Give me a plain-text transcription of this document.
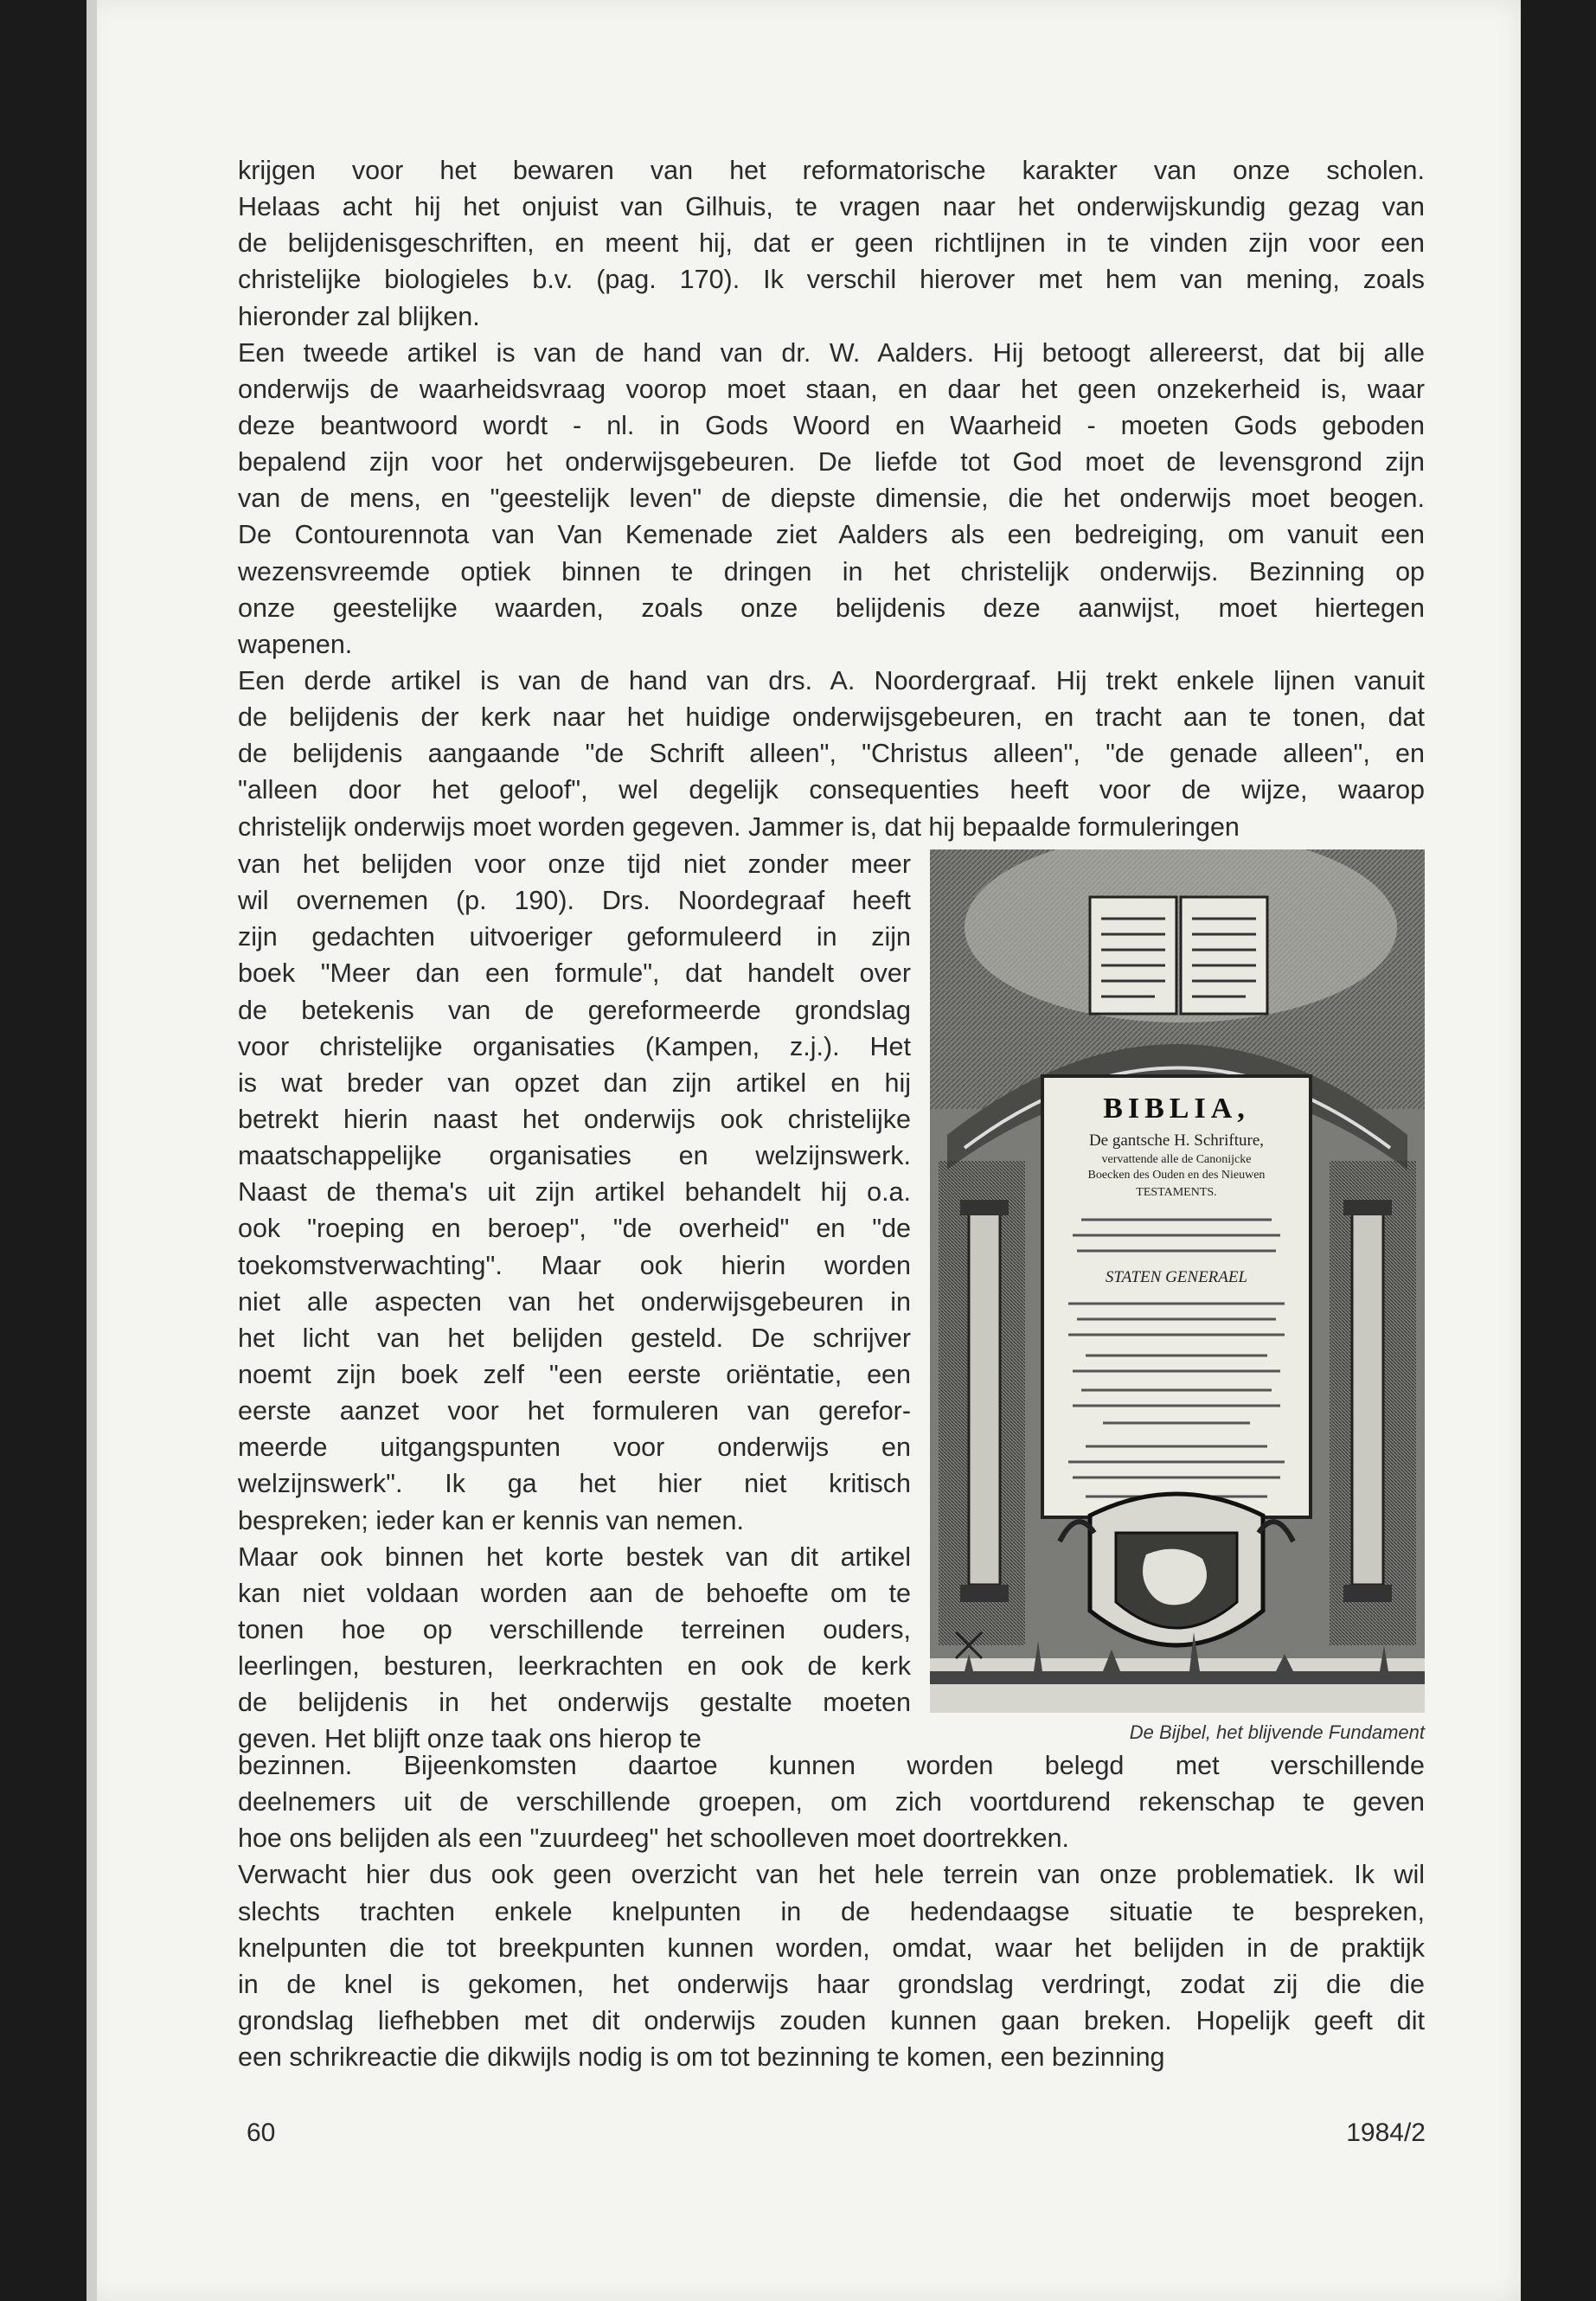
krijgen voor het bewaren van het reformatorische karakter van onze scholen.
Helaas acht hij het onjuist van Gilhuis, te vragen naar het onderwijskundig gezag van
de belijdenisgeschriften, en meent hij, dat er geen richtlijnen in te vinden zijn voor een
christelijke biologieles b.v. (pag. 170). Ik verschil hierover met hem van mening, zoals
hieronder zal blijken.
Een tweede artikel is van de hand van dr. W. Aalders. Hij betoogt allereerst, dat bij alle
onderwijs de waarheidsvraag voorop moet staan, en daar het geen onzekerheid is, waar
deze beantwoord wordt - nl. in Gods Woord en Waarheid - moeten Gods geboden
bepalend zijn voor het onderwijsgebeuren. De liefde tot God moet de levensgrond zijn
van de mens, en "geestelijk leven" de diepste dimensie, die het onderwijs moet beogen.
De Contourennota van Van Kemenade ziet Aalders als een bedreiging, om vanuit een
wezensvreemde optiek binnen te dringen in het christelijk onderwijs. Bezinning op
onze geestelijke waarden, zoals onze belijdenis deze aanwijst, moet hiertegen
wapenen.
Een derde artikel is van de hand van drs. A. Noordergraaf. Hij trekt enkele lijnen vanuit
de belijdenis der kerk naar het huidige onderwijsgebeuren, en tracht aan te tonen, dat
de belijdenis aangaande "de Schrift alleen", "Christus alleen", "de genade alleen", en
"alleen door het geloof", wel degelijk consequenties heeft voor de wijze, waarop
christelijk onderwijs moet worden gegeven. Jammer is, dat hij bepaalde formuleringen
van het belijden voor onze tijd niet zonder meer
wil overnemen (p. 190). Drs. Noordegraaf heeft
zijn gedachten uitvoeriger geformuleerd in zijn
boek "Meer dan een formule", dat handelt over
de betekenis van de gereformeerde grondslag
voor christelijke organisaties (Kampen, z.j.). Het
is wat breder van opzet dan zijn artikel en hij
betrekt hierin naast het onderwijs ook christelijke
maatschappelijke organisaties en welzijnswerk.
Naast de thema's uit zijn artikel behandelt hij o.a.
ook "roeping en beroep", "de overheid" en "de
toekomstverwachting". Maar ook hierin worden
niet alle aspecten van het onderwijsgebeuren in
het licht van het belijden gesteld. De schrijver
noemt zijn boek zelf "een eerste oriëntatie, een
eerste aanzet voor het formuleren van gerefor-
meerde uitgangspunten voor onderwijs en
welzijnswerk". Ik ga het hier niet kritisch
bespreken; ieder kan er kennis van nemen.
Maar ook binnen het korte bestek van dit artikel
kan niet voldaan worden aan de behoefte om te
tonen hoe op verschillende terreinen ouders,
leerlingen, besturen, leerkrachten en ook de kerk
de belijdenis in het onderwijs gestalte moeten
geven. Het blijft onze taak ons hierop te
BIBLIA,
De gantsche H. Schrifture,
vervattende alle de Canonijcke
Boecken des Ouden en des Nieuwen
TESTAMENTS.
STATEN GENERAEL
De Bijbel, het blijvende Fundament
bezinnen. Bijeenkomsten daartoe kunnen worden belegd met verschillende
deelnemers uit de verschillende groepen, om zich voortdurend rekenschap te geven
hoe ons belijden als een "zuurdeeg" het schoolleven moet doortrekken.
Verwacht hier dus ook geen overzicht van het hele terrein van onze problematiek. Ik wil
slechts trachten enkele knelpunten in de hedendaagse situatie te bespreken,
knelpunten die tot breekpunten kunnen worden, omdat, waar het belijden in de praktijk
in de knel is gekomen, het onderwijs haar grondslag verdringt, zodat zij die die
grondslag liefhebben met dit onderwijs zouden kunnen gaan breken. Hopelijk geeft dit
een schrikreactie die dikwijls nodig is om tot bezinning te komen, een bezinning
60	1984/2
